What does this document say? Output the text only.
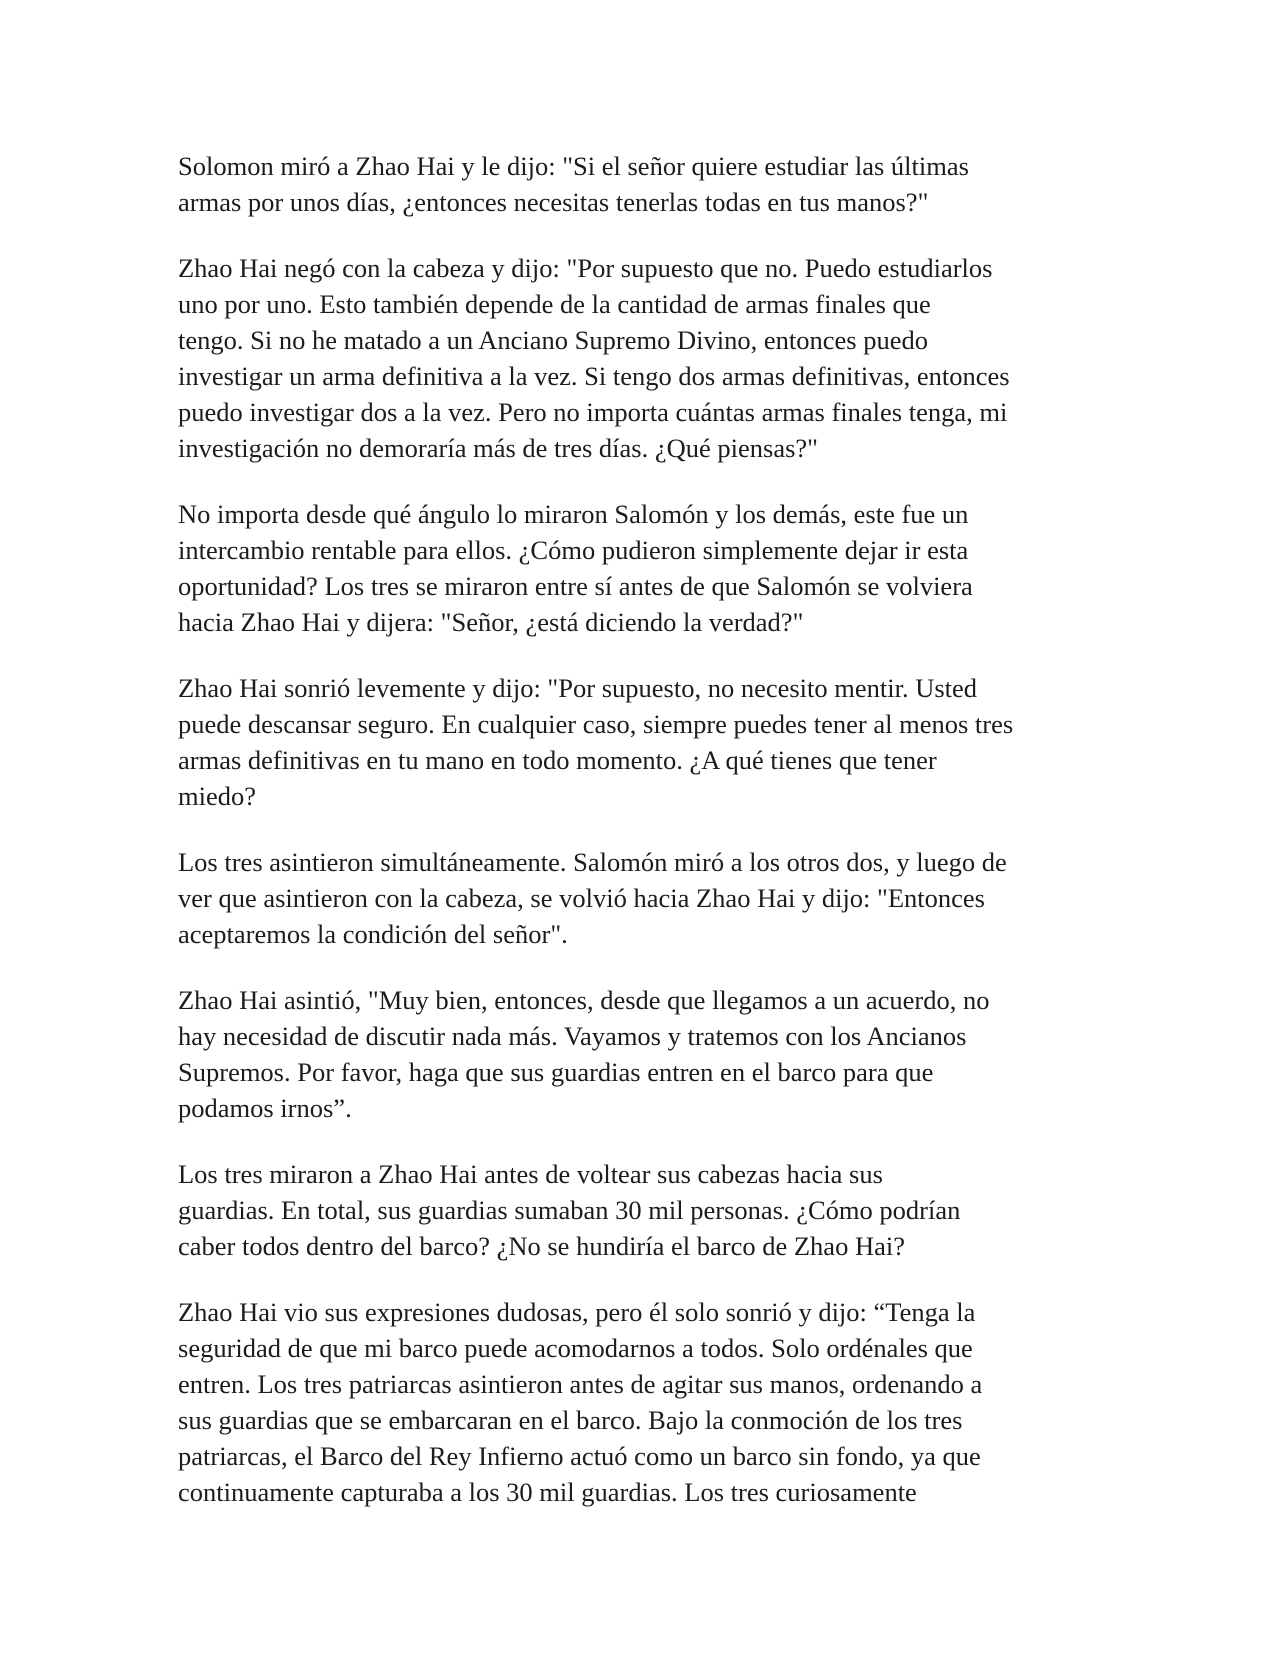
Solomon miró a Zhao Hai y le dijo: "Si el señor quiere estudiar las últimas
armas por unos días, ¿entonces necesitas tenerlas todas en tus manos?"

Zhao Hai negó con la cabeza y dijo: "Por supuesto que no. Puedo estudiarlos
uno por uno. Esto también depende de la cantidad de armas finales que
tengo. Si no he matado a un Anciano Supremo Divino, entonces puedo
investigar un arma definitiva a la vez. Si tengo dos armas definitivas, entonces
puedo investigar dos a la vez. Pero no importa cuántas armas finales tenga, mi
investigación no demoraría más de tres días. ¿Qué piensas?"

No importa desde qué ángulo lo miraron Salomón y los demás, este fue un
intercambio rentable para ellos. ¿Cómo pudieron simplemente dejar ir esta
oportunidad? Los tres se miraron entre sí antes de que Salomón se volviera
hacia Zhao Hai y dijera: "Señor, ¿está diciendo la verdad?"

Zhao Hai sonrió levemente y dijo: "Por supuesto, no necesito mentir. Usted
puede descansar seguro. En cualquier caso, siempre puedes tener al menos tres
armas definitivas en tu mano en todo momento. ¿A qué tienes que tener
miedo?

Los tres asintieron simultáneamente. Salomón miró a los otros dos, y luego de
ver que asintieron con la cabeza, se volvió hacia Zhao Hai y dijo: "Entonces
aceptaremos la condición del señor".

Zhao Hai asintió, "Muy bien, entonces, desde que llegamos a un acuerdo, no
hay necesidad de discutir nada más. Vayamos y tratemos con los Ancianos
Supremos. Por favor, haga que sus guardias entren en el barco para que
podamos irnos”.

Los tres miraron a Zhao Hai antes de voltear sus cabezas hacia sus
guardias. En total, sus guardias sumaban 30 mil personas. ¿Cómo podrían
caber todos dentro del barco? ¿No se hundiría el barco de Zhao Hai?

Zhao Hai vio sus expresiones dudosas, pero él solo sonrió y dijo: “Tenga la
seguridad de que mi barco puede acomodarnos a todos. Solo ordénales que
entren. Los tres patriarcas asintieron antes de agitar sus manos, ordenando a
sus guardias que se embarcaran en el barco. Bajo la conmoción de los tres
patriarcas, el Barco del Rey Infierno actuó como un barco sin fondo, ya que
continuamente capturaba a los 30 mil guardias. Los tres curiosamente
